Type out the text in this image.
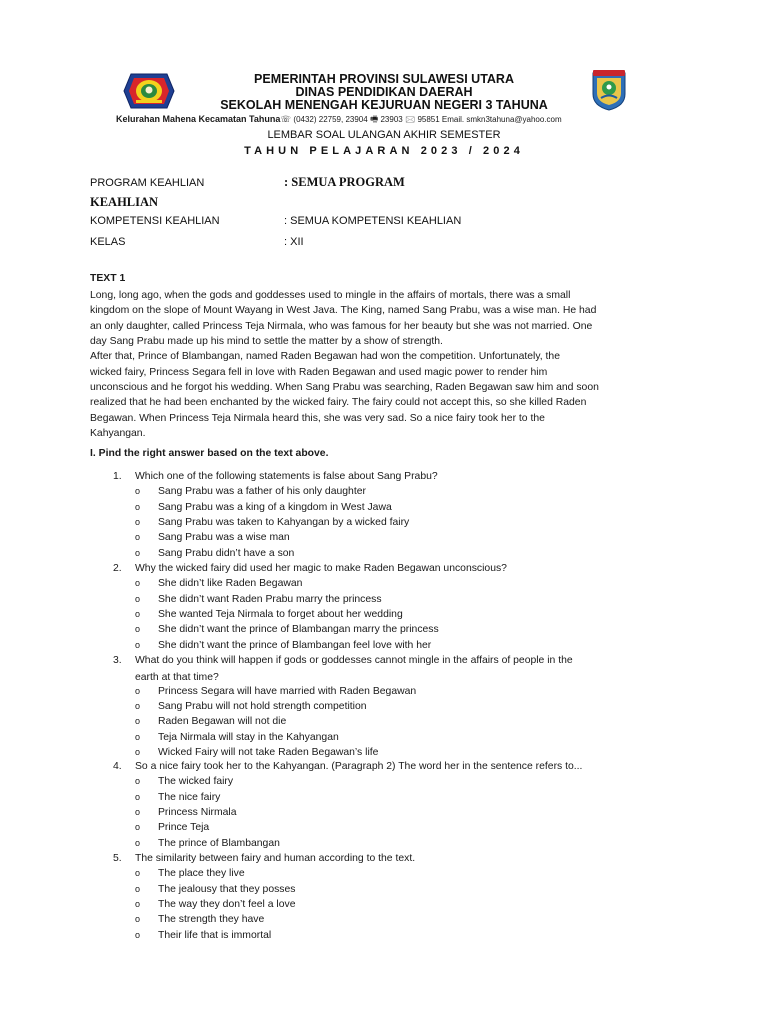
PEMERINTAH PROVINSI SULAWESI UTARA
DINAS PENDIDIKAN DAERAH
SEKOLAH MENENGAH KEJURUAN NEGERI 3 TAHUNA
Kelurahan Mahena Kecamatan Tahuna☏ (0432) 22759, 23904 🖷 23903 🖂 95851 Email. smkn3tahuna@yahoo.com
LEMBAR SOAL ULANGAN AKHIR SEMESTER
TAHUN PELAJARAN 2023 / 2024
PROGRAM KEAHLIAN	: SEMUA PROGRAM
KEAHLIAN
KOMPETENSI KEAHLIAN	: SEMUA KOMPETENSI KEAHLIAN
KELAS	: XII
TEXT 1
Long, long ago, when the gods and goddesses used to mingle in the affairs of mortals, there was a small
kingdom on the slope of Mount Wayang in West Java. The King, named Sang Prabu, was a wise man. He had
an only daughter, called Princess Teja Nirmala, who was famous for her beauty but she was not married. One
day Sang Prabu made up his mind to settle the matter by a show of strength.
After that, Prince of Blambangan, named Raden Begawan had won the competition. Unfortunately, the
wicked fairy, Princess Segara fell in love with Raden Begawan and used magic power to render him
unconscious and he forgot his wedding. When Sang Prabu was searching, Raden Begawan saw him and soon
realized that he had been enchanted by the wicked fairy. The fairy could not accept this, so she killed Raden
Begawan. When Princess Teja Nirmala heard this, she was very sad. So a nice fairy took her to the
Kahyangan.
I. Pind the right answer based on the text above.
1. Which one of the following statements is false about Sang Prabu?
o Sang Prabu was a father of his only daughter
o Sang Prabu was a king of a kingdom in West Jawa
o Sang Prabu was taken to Kahyangan by a wicked fairy
o Sang Prabu was a wise man
o Sang Prabu didn’t have a son
2. Why the wicked fairy did used her magic to make Raden Begawan unconscious?
o She didn’t like Raden Begawan
o She didn’t want Raden Prabu marry the princess
o She wanted Teja Nirmala to forget about her wedding
o She didn’t want the prince of Blambangan marry the princess
o She didn’t want the prince of Blambangan feel love with her
3. What do you think will happen if gods or goddesses cannot mingle in the affairs of people in the
earth at that time?
o Princess Segara will have married with Raden Begawan
o Sang Prabu will not hold strength competition
o Raden Begawan will not die
o Teja Nirmala will stay in the Kahyangan
o Wicked Fairy will not take Raden Begawan’s life
4. So a nice fairy took her to the Kahyangan. (Paragraph 2) The word her in the sentence refers to...
o The wicked fairy
o The nice fairy
o Princess Nirmala
o Prince Teja
o The prince of Blambangan
5. The similarity between fairy and human according to the text.
o The place they live
o The jealousy that they posses
o The way they don’t feel a love
o The strength they have
o Their life that is immortal
